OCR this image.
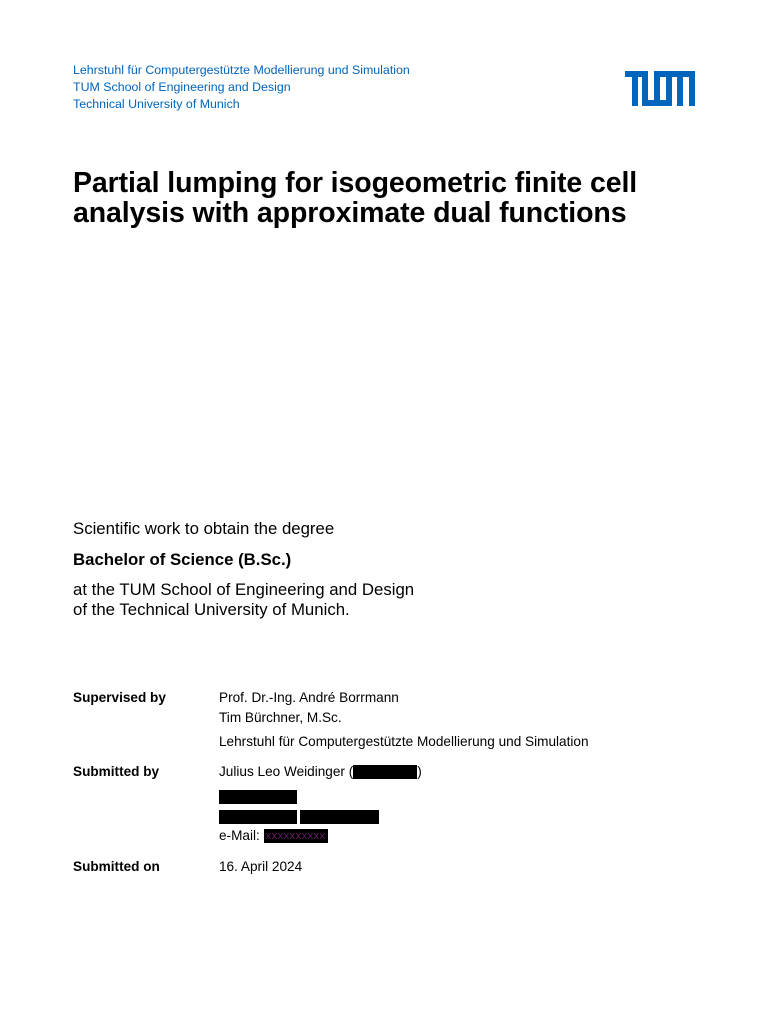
Lehrstuhl für Computergestützte Modellierung und Simulation
TUM School of Engineering and Design
Technical University of Munich
Partial lumping for isogeometric finite cell
analysis with approximate dual functions
Scientific work to obtain the degree
Bachelor of Science (B.Sc.)
at the TUM School of Engineering and Design
of the Technical University of Munich.
Supervised by	Prof. Dr.-Ing. André Borrmann
Tim Bürchner, M.Sc.
Lehrstuhl für Computergestützte Modellierung und Simulation
Submitted by	Julius Leo Weidinger (	)
e-Mail: xxxxxxxxxx
Submitted on	16. April 2024
